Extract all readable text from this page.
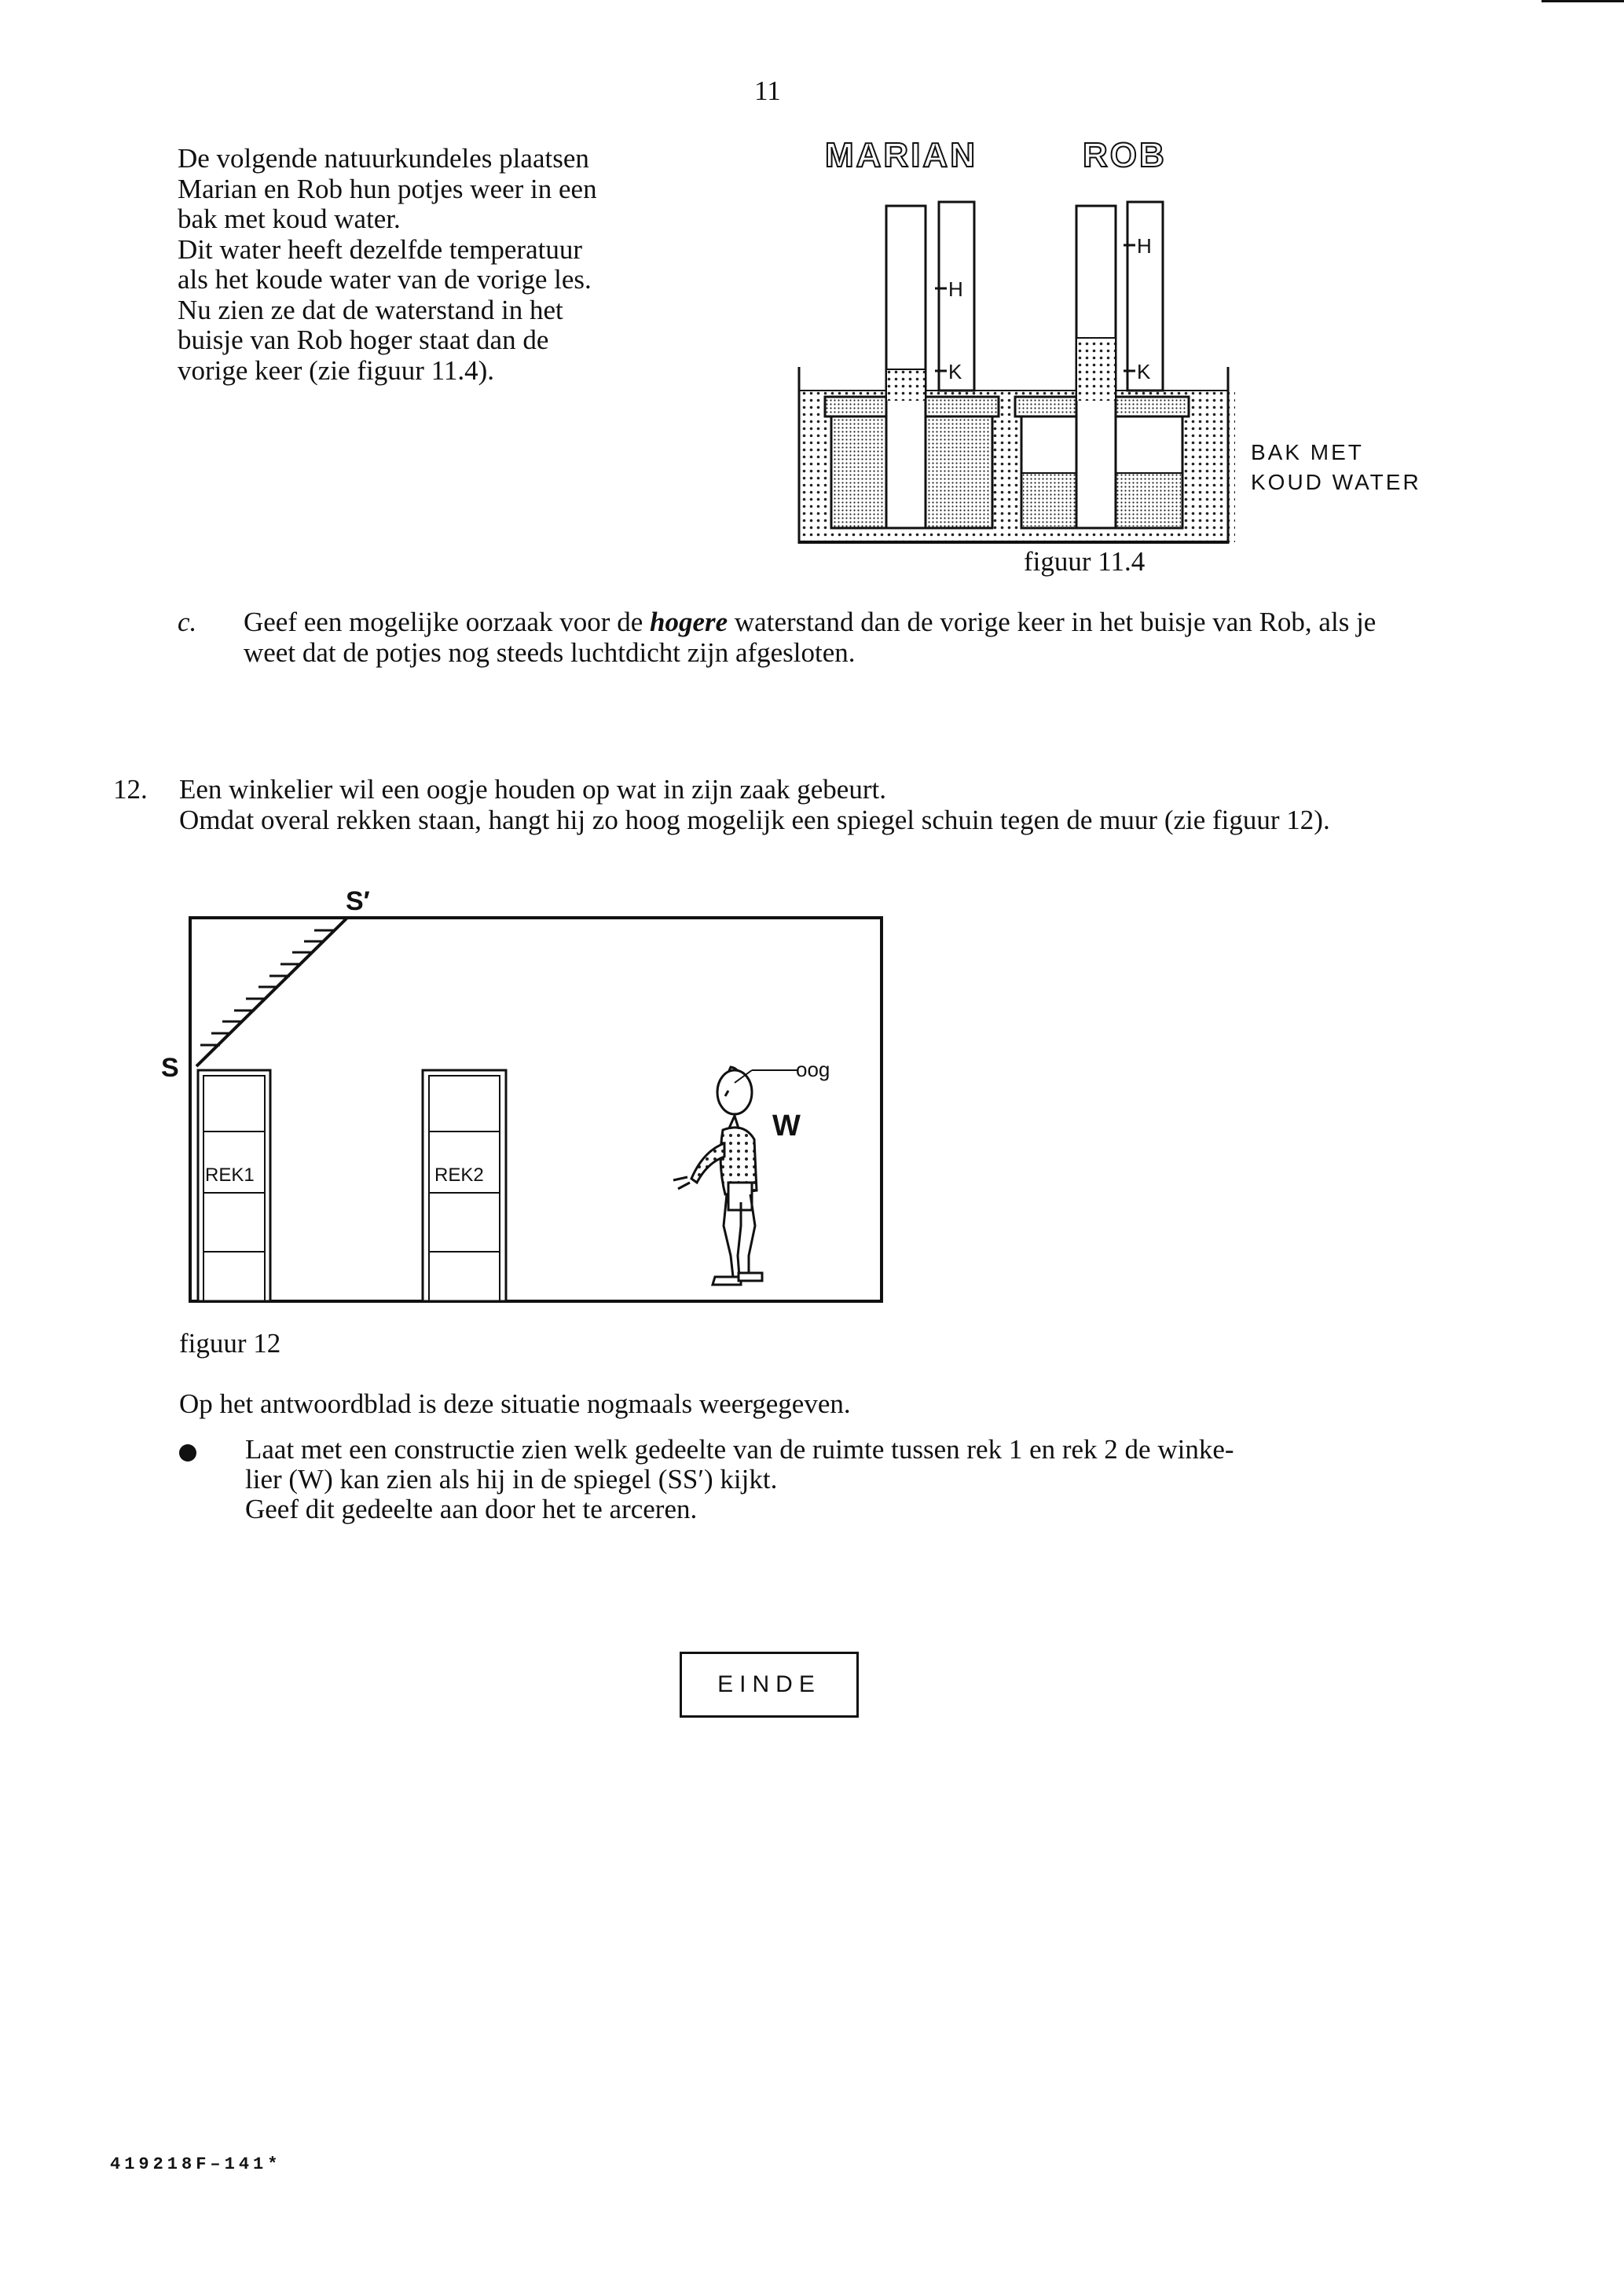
11
De volgende natuurkundeles plaatsen
Marian en Rob hun potjes weer in een
bak met koud water.
Dit water heeft dezelfde temperatuur
als het koude water van de vorige les.
Nu zien ze dat de waterstand in het
buisje van Rob hoger staat dan de
vorige keer (zie figuur 11.4).
MARIAN	ROB
H
K
H
K
BAK MET
KOUD WATER
figuur 11.4
c. Geef een mogelijke oorzaak voor de hogere waterstand dan de vorige keer in het buisje van Rob, als je weet dat de potjes nog steeds luchtdicht zijn afgesloten.
12. Een winkelier wil een oogje houden op wat in zijn zaak gebeurt.
Omdat overal rekken staan, hangt hij zo hoog mogelijk een spiegel schuin tegen de muur (zie figuur 12).
S′
S
REK1	REK2
oog
W
figuur 12
Op het antwoordblad is deze situatie nogmaals weergegeven.
Laat met een constructie zien welk gedeelte van de ruimte tussen rek 1 en rek 2 de winke-
lier (W) kan zien als hij in de spiegel (SS′) kijkt.
Geef dit gedeelte aan door het te arceren.
EINDE
419218F–141*
